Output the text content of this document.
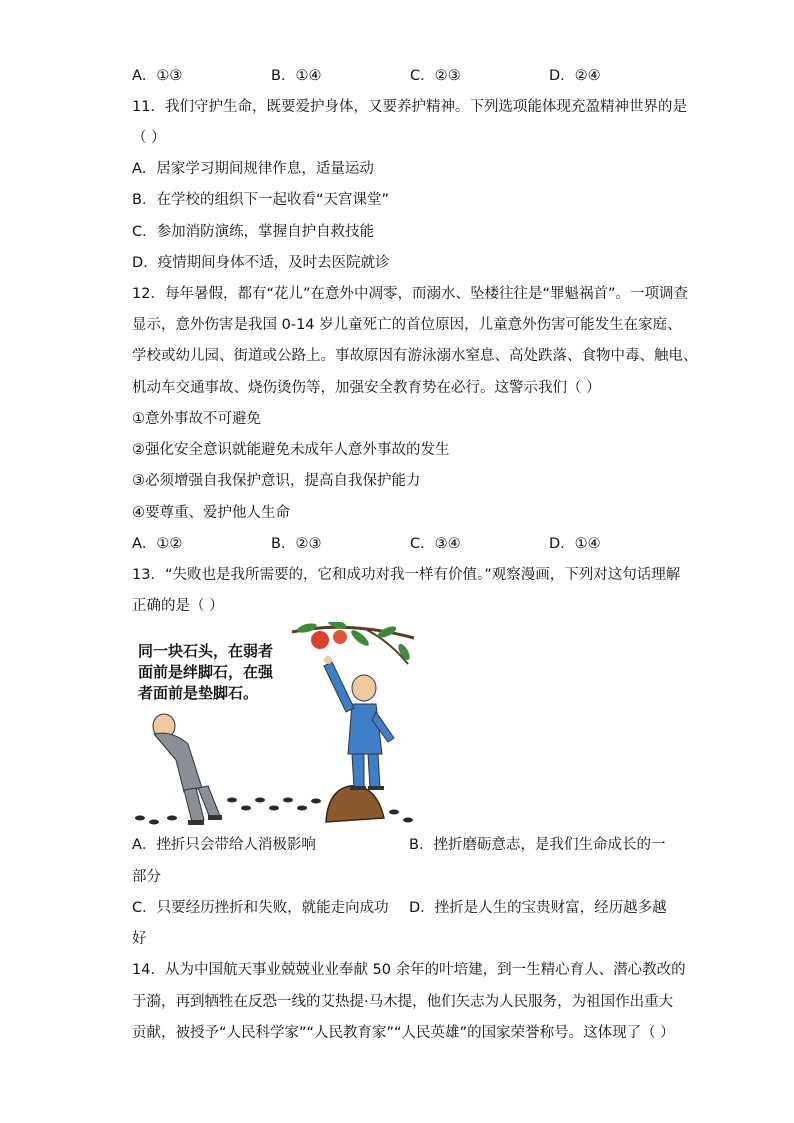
A．①③	B．①④	C．②③	D．②④
11．我们守护生命，既要爱护身体，又要养护精神。下列选项能体现充盈精神世界的是
（ ）
A．居家学习期间规律作息，适量运动
B．在学校的组织下一起收看“天宫课堂”
C．参加消防演练，掌握自护自救技能
D．疫情期间身体不适，及时去医院就诊
12．每年暑假，都有“花儿”在意外中凋零，而溺水、坠楼往往是“罪魁祸首”。一项调查
显示，意外伤害是我国 0-14 岁儿童死亡的首位原因，儿童意外伤害可能发生在家庭、
学校或幼儿园、街道或公路上。事故原因有游泳溺水窒息、高处跌落、食物中毒、触电、
机动车交通事故、烧伤烫伤等，加强安全教育势在必行。这警示我们（ ）
①意外事故不可避免
②强化安全意识就能避免未成年人意外事故的发生
③必须增强自我保护意识，提高自我保护能力
④要尊重、爱护他人生命
A．①②	B．②③	C．③④	D．①④
13．“失败也是我所需要的，它和成功对我一样有价值。”观察漫画，下列对这句话理解
正确的是（ ）
同一块石头，在弱者
面前是绊脚石，在强
者面前是垫脚石。
A．挫折只会带给人消极影响	B．挫折磨砺意志，是我们生命成长的一
部分
C．只要经历挫折和失败，就能走向成功 D．挫折是人生的宝贵财富，经历越多越
好
14．从为中国航天事业兢兢业业奉献 50 余年的叶培建，到一生精心育人、潜心教改的
于漪，再到牺牲在反恐一线的艾热提·马木提，他们矢志为人民服务，为祖国作出重大
贡献，被授予“人民科学家”“人民教育家”“人民英雄”的国家荣誉称号。这体现了（ ）
